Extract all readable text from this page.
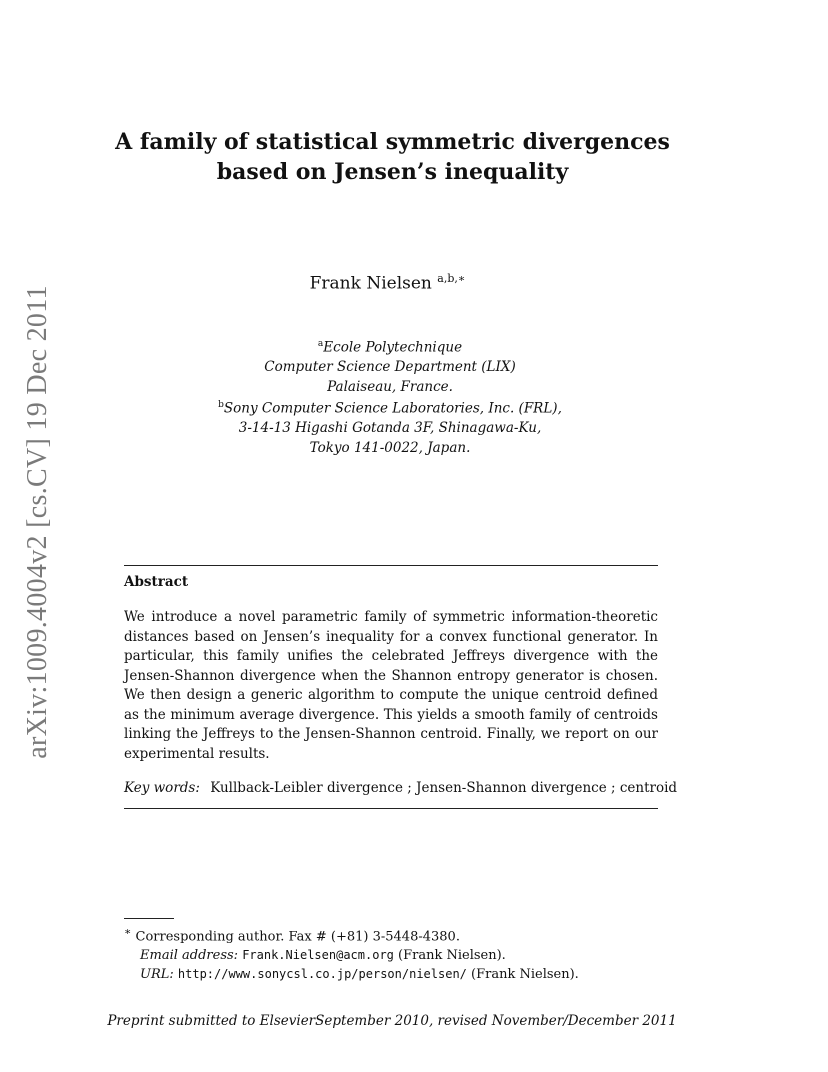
arXiv:1009.4004v2 [cs.CV] 19 Dec 2011
A family of statistical symmetric divergences
based on Jensen’s inequality
Frank Nielsen $^{a,b,∗}$
$^a$Ecole Polytechnique
Computer Science Department (LIX)
Palaiseau, France.
$^b$Sony Computer Science Laboratories, Inc. (FRL),
3-14-13 Higashi Gotanda 3F, Shinagawa-Ku,
Tokyo 141-0022, Japan.
Abstract
We introduce a novel parametric family of symmetric information-theoretic distances based on Jensen’s inequality for a convex functional generator. In particular, this family unifies the celebrated Jeffreys divergence with the Jensen-Shannon divergence when the Shannon entropy generator is chosen. We then design a generic algorithm to compute the unique centroid defined as the minimum average divergence. This yields a smooth family of centroids linking the Jeffreys to the Jensen-Shannon centroid. Finally, we report on our experimental results.
Key words: Kullback-Leibler divergence ; Jensen-Shannon divergence ; centroid
∗ Corresponding author. Fax # (+81) 3-5448-4380.
Email address: Frank.Nielsen@acm.org (Frank Nielsen).
URL: http://www.sonycsl.co.jp/person/nielsen/ (Frank Nielsen).
Preprint submitted to ElsevierSeptember 2010, revised November/December 2011
